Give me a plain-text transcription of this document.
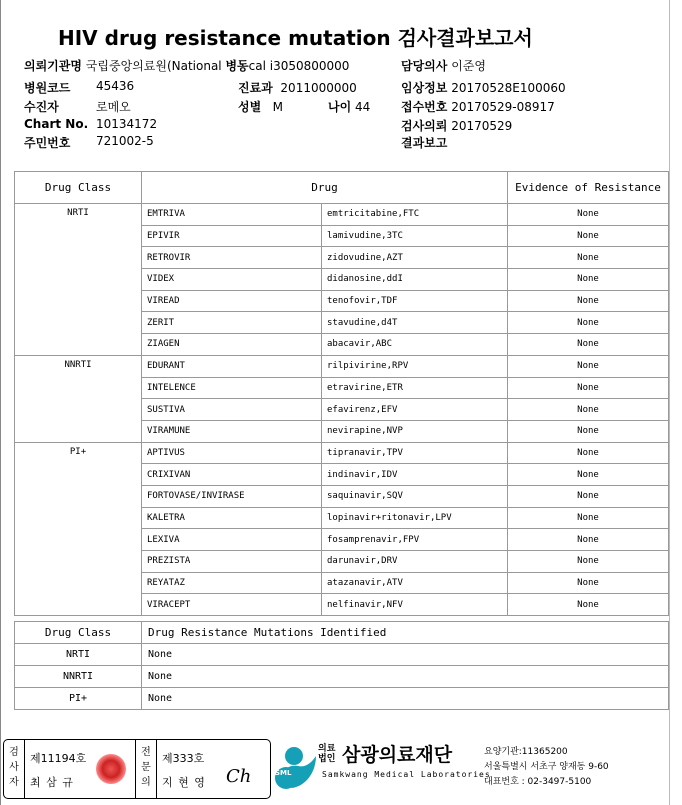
HIV drug resistance mutation 검사결과보고서
의뢰기관명 국립중앙의료원(National 병동cal i3050800000	담당의사 이준영
병원코드 45436	진료과 2011000000	임상정보 20170528E100060
수진자	로메오	성별 M	나이 44	접수번호 20170529-08917
Chart No. 10134172	검사의뢰 20170529
주민번호 721002-5	결과보고
Drug Class	Drug		Evidence of Resistance
NRTI	EMTRIVA	emtricitabine,FTC	None
	EPIVIR	lamivudine,3TC	None
	RETROVIR	zidovudine,AZT	None
	VIDEX	didanosine,ddI	None
	VIREAD	tenofovir,TDF	None
	ZERIT	stavudine,d4T	None
	ZIAGEN	abacavir,ABC	None
NNRTI	EDURANT	rilpivirine,RPV	None
	INTELENCE	etravirine,ETR	None
	SUSTIVA	efavirenz,EFV	None
	VIRAMUNE	nevirapine,NVP	None
PI+	APTIVUS	tipranavir,TPV	None
	CRIXIVAN	indinavir,IDV	None
	FORTOVASE/INVIRASE	saquinavir,SQV	None
	KALETRA	lopinavir+ritonavir,LPV	None
	LEXIVA	fosamprenavir,FPV	None
	PREZISTA	darunavir,DRV	None
	REYATAZ	atazanavir,ATV	None
	VIRACEPT	nelfinavir,NFV	None
Drug Class	Drug Resistance Mutations Identified
NRTI	None
NNRTI	None
PI+	None
검사자
제11194호
최 삼 규
전문의
제333호
지 현 영 Ch	SML
의료
법인 삼광의료재단
Samkwang Medical Laboratories
요양기관:11365200
서울특별시 서초구 양재동 9-60
대표번호 : 02-3497-5100
